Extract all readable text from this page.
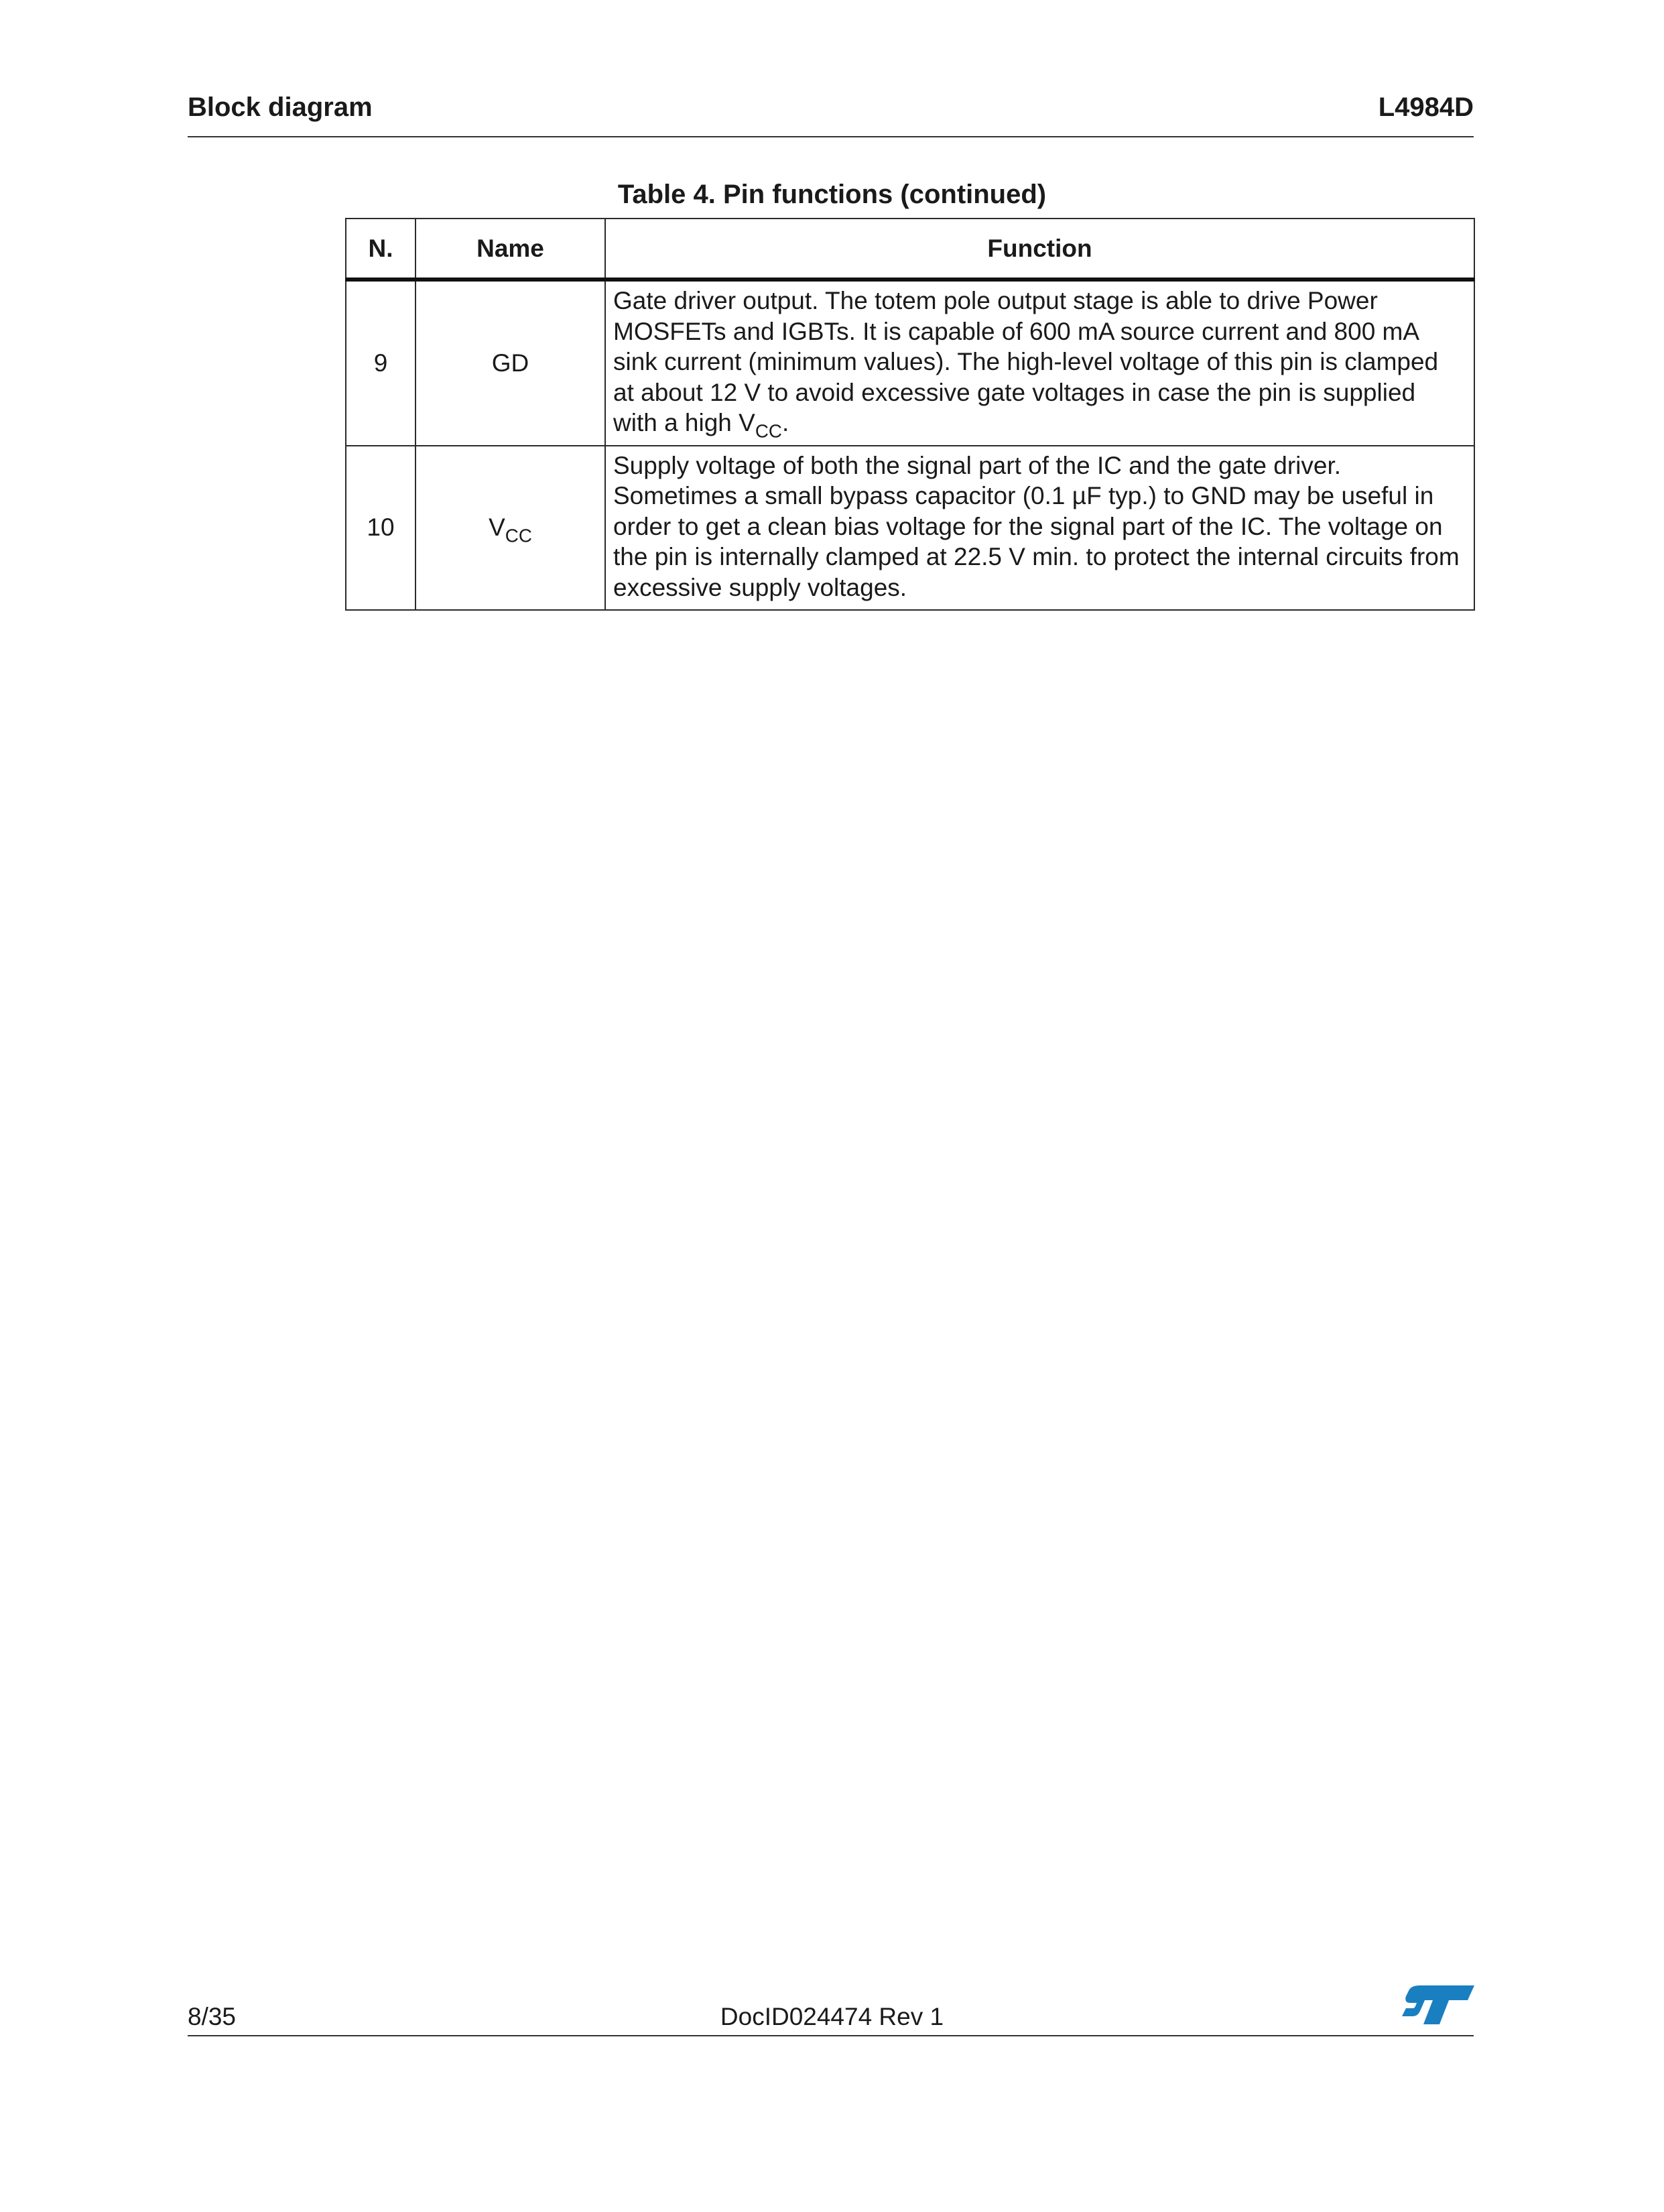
Block diagram	L4984D
Table 4. Pin functions (continued)
N.	Name	Function
9	GD	Gate driver output. The totem pole output stage is able to drive Power
MOSFETs and IGBTs. It is capable of 600 mA source current and 800 mA
sink current (minimum values). The high-level voltage of this pin is clamped
at about 12 V to avoid excessive gate voltages in case the pin is supplied
with a high $V_{CC}$.

10	$V_{CC}$	Supply voltage of both the signal part of the IC and the gate driver.
Sometimes a small bypass capacitor (0.1 µF typ.) to GND may be useful in
order to get a clean bias voltage for the signal part of the IC. The voltage on
the pin is internally clamped at 22.5 V min. to protect the internal circuits from
excessive supply voltages.
8/35	DocID024474 Rev 1
